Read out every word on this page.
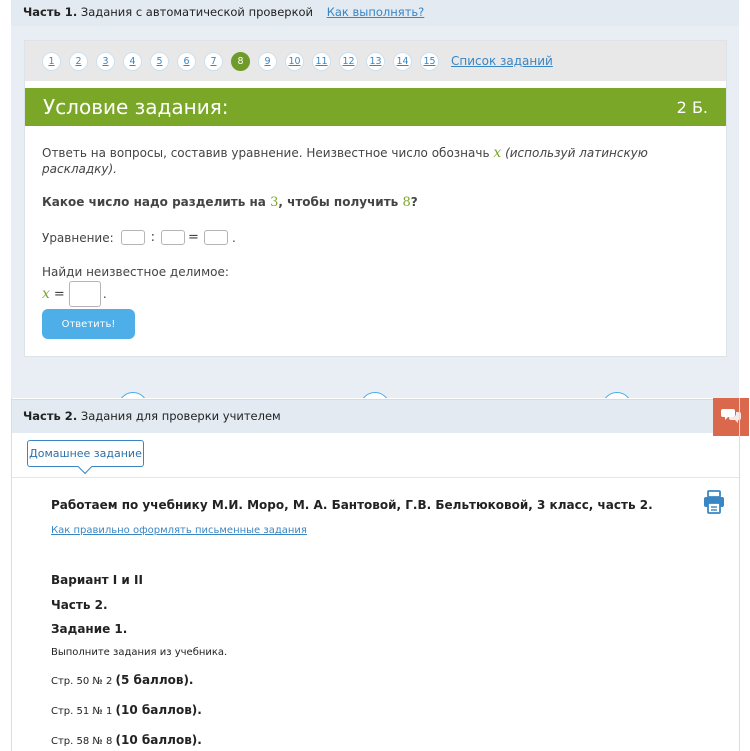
Часть 1. Задания с автоматической проверкой Как выполнять?
1	2	3	4	5	6	7	8	9	10	11	12	13	14	15 Список заданий
Условие задания:	2 Б.
Ответь на вопросы, составив уравнение. Неизвестное число обозначь x (используй латинскую раскладку).
Какое число надо разделить на 3, чтобы получить 8?
Уравнение:	:	=	.
Найди неизвестное делимое:
x =	.
Ответить!
Часть 2. Задания для проверки учителем
Домашнее задание
Работаем по учебнику М.И. Моро, М. А. Бантовой, Г.В. Бельтюковой, 3 класс, часть 2.
Как правильно оформлять письменные задания
Вариант I и II
Часть 2.
Задание 1.
Выполните задания из учебника.
Стр. 50 № 2 (5 баллов).
Стр. 51 № 1 (10 баллов).
Стр. 58 № 8 (10 баллов).
